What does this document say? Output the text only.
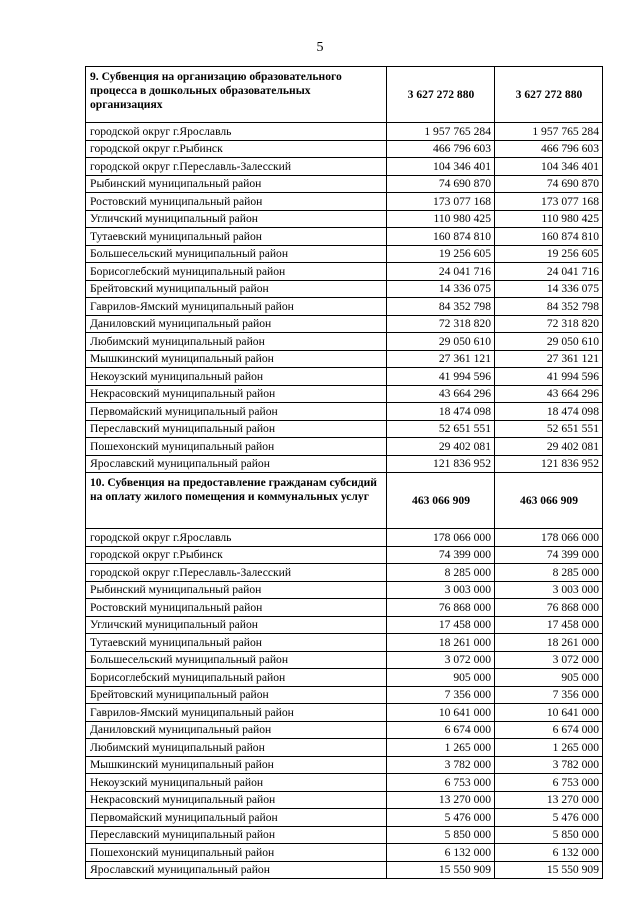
5
9. Субвенция на организацию образовательного процесса в дошкольных образовательных организациях	3 627 272 880	3 627 272 880
городской округ г.Ярославль	1 957 765 284	1 957 765 284
городской округ г.Рыбинск	466 796 603	466 796 603
городской округ г.Переславль-Залесский	104 346 401	104 346 401
Рыбинский муниципальный район	74 690 870	74 690 870
Ростовский муниципальный район	173 077 168	173 077 168
Угличский муниципальный район	110 980 425	110 980 425
Тутаевский муниципальный район	160 874 810	160 874 810
Большесельский муниципальный район	19 256 605	19 256 605
Борисоглебский муниципальный район	24 041 716	24 041 716
Брейтовский муниципальный район	14 336 075	14 336 075
Гаврилов-Ямский муниципальный район	84 352 798	84 352 798
Даниловский муниципальный район	72 318 820	72 318 820
Любимский муниципальный район	29 050 610	29 050 610
Мышкинский муниципальный район	27 361 121	27 361 121
Некоузский муниципальный район	41 994 596	41 994 596
Некрасовский муниципальный район	43 664 296	43 664 296
Первомайский муниципальный район	18 474 098	18 474 098
Переславский муниципальный район	52 651 551	52 651 551
Пошехонский муниципальный район	29 402 081	29 402 081
Ярославский муниципальный район	121 836 952	121 836 952
10. Субвенция на предоставление гражданам субсидий на оплату жилого помещения и коммунальных услуг	463 066 909	463 066 909
городской округ г.Ярославль	178 066 000	178 066 000
городской округ г.Рыбинск	74 399 000	74 399 000
городской округ г.Переславль-Залесский	8 285 000	8 285 000
Рыбинский муниципальный район	3 003 000	3 003 000
Ростовский муниципальный район	76 868 000	76 868 000
Угличский муниципальный район	17 458 000	17 458 000
Тутаевский муниципальный район	18 261 000	18 261 000
Большесельский муниципальный район	3 072 000	3 072 000
Борисоглебский муниципальный район	905 000	905 000
Брейтовский муниципальный район	7 356 000	7 356 000
Гаврилов-Ямский муниципальный район	10 641 000	10 641 000
Даниловский муниципальный район	6 674 000	6 674 000
Любимский муниципальный район	1 265 000	1 265 000
Мышкинский муниципальный район	3 782 000	3 782 000
Некоузский муниципальный район	6 753 000	6 753 000
Некрасовский муниципальный район	13 270 000	13 270 000
Первомайский муниципальный район	5 476 000	5 476 000
Переславский муниципальный район	5 850 000	5 850 000
Пошехонский муниципальный район	6 132 000	6 132 000
Ярославский муниципальный район	15 550 909	15 550 909
